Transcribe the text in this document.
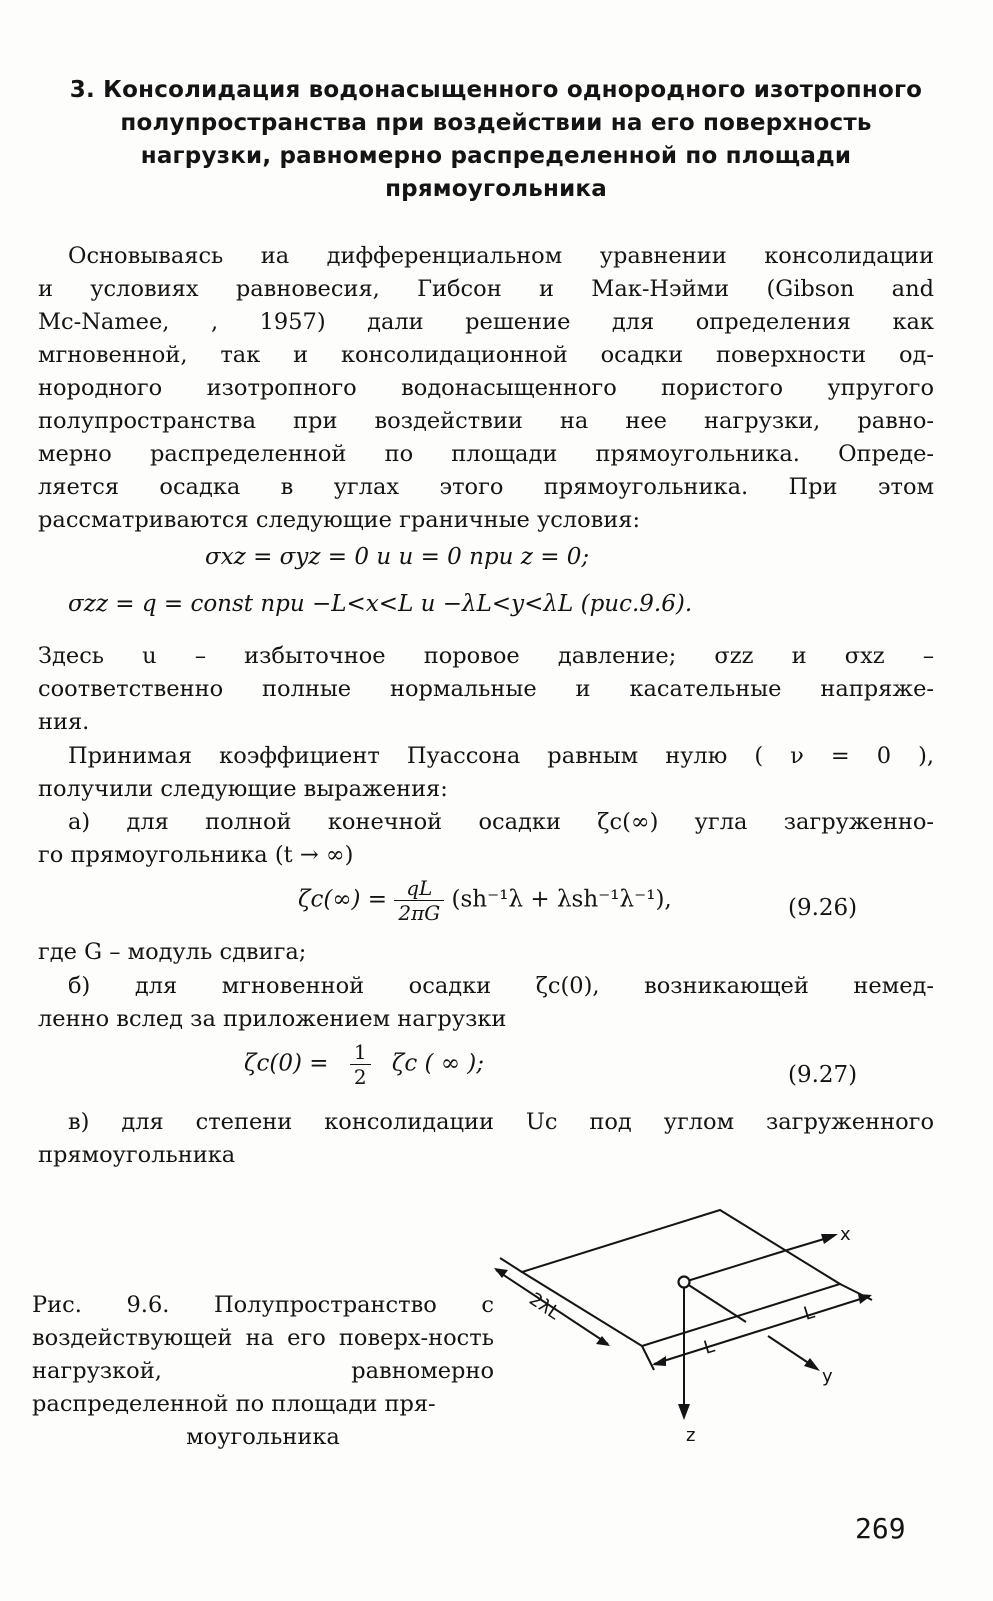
3. Консолидация водонасыщенного однородного изотропного
полупространства при воздействии на его поверхность
нагрузки, равномерно распределенной по площади
прямоугольника
Основываясь иа дифференциальном уравнении консолидации
и условиях равновесия, Гибсон и Мак-Нэйми (Gibson and
Mc-Namee, , 1957) дали решение для определения как
мгновенной, так и консолидационной осадки поверхности од-
нородного изотропного водонасыщенного пористого упругого
полупространства при воздействии на нее нагрузки, равно-
мерно распределенной по площади прямоугольника. Опреде-
ляется осадка в углах этого прямоугольника. При этом
рассматриваются следующие граничные условия:
σxz = σyz = 0 и u = 0 при z = 0;
σzz = q = const при −L<x<L и −λL<y<λL (рис.9.6).
Здесь u – избыточное поровое давление; σzz и σxz –
соответственно полные нормальные и касательные напряже-
ния.
Принимая коэффициент Пуассона равным нулю ( ν = 0 ),
получили следующие выражения:
а) для полной конечной осадки ζc(∞) угла загруженно-
го прямоугольника (t → ∞)
$\zeta c(\infty) = \frac{qL}{2\pi G} (sh^{-1}\lambda + \lambda sh^{-1}\lambda^{-1})$,	(9.26)
где G – модуль сдвига;
б) для мгновенной осадки ζc(0), возникающей немед-
ленно вслед за приложением нагрузки
$\zeta c(0) = \frac{1}{2}$ ζc ( ∞ );	(9.27)
в) для степени консолидации Uc под углом загруженного
прямоугольника
Рис. 9.6. Полупространство с воздействующей на его поверх-ность нагрузкой, равномерно распределенной по площади пря-
моугольника
x
y
z
2λL
L
L
269
